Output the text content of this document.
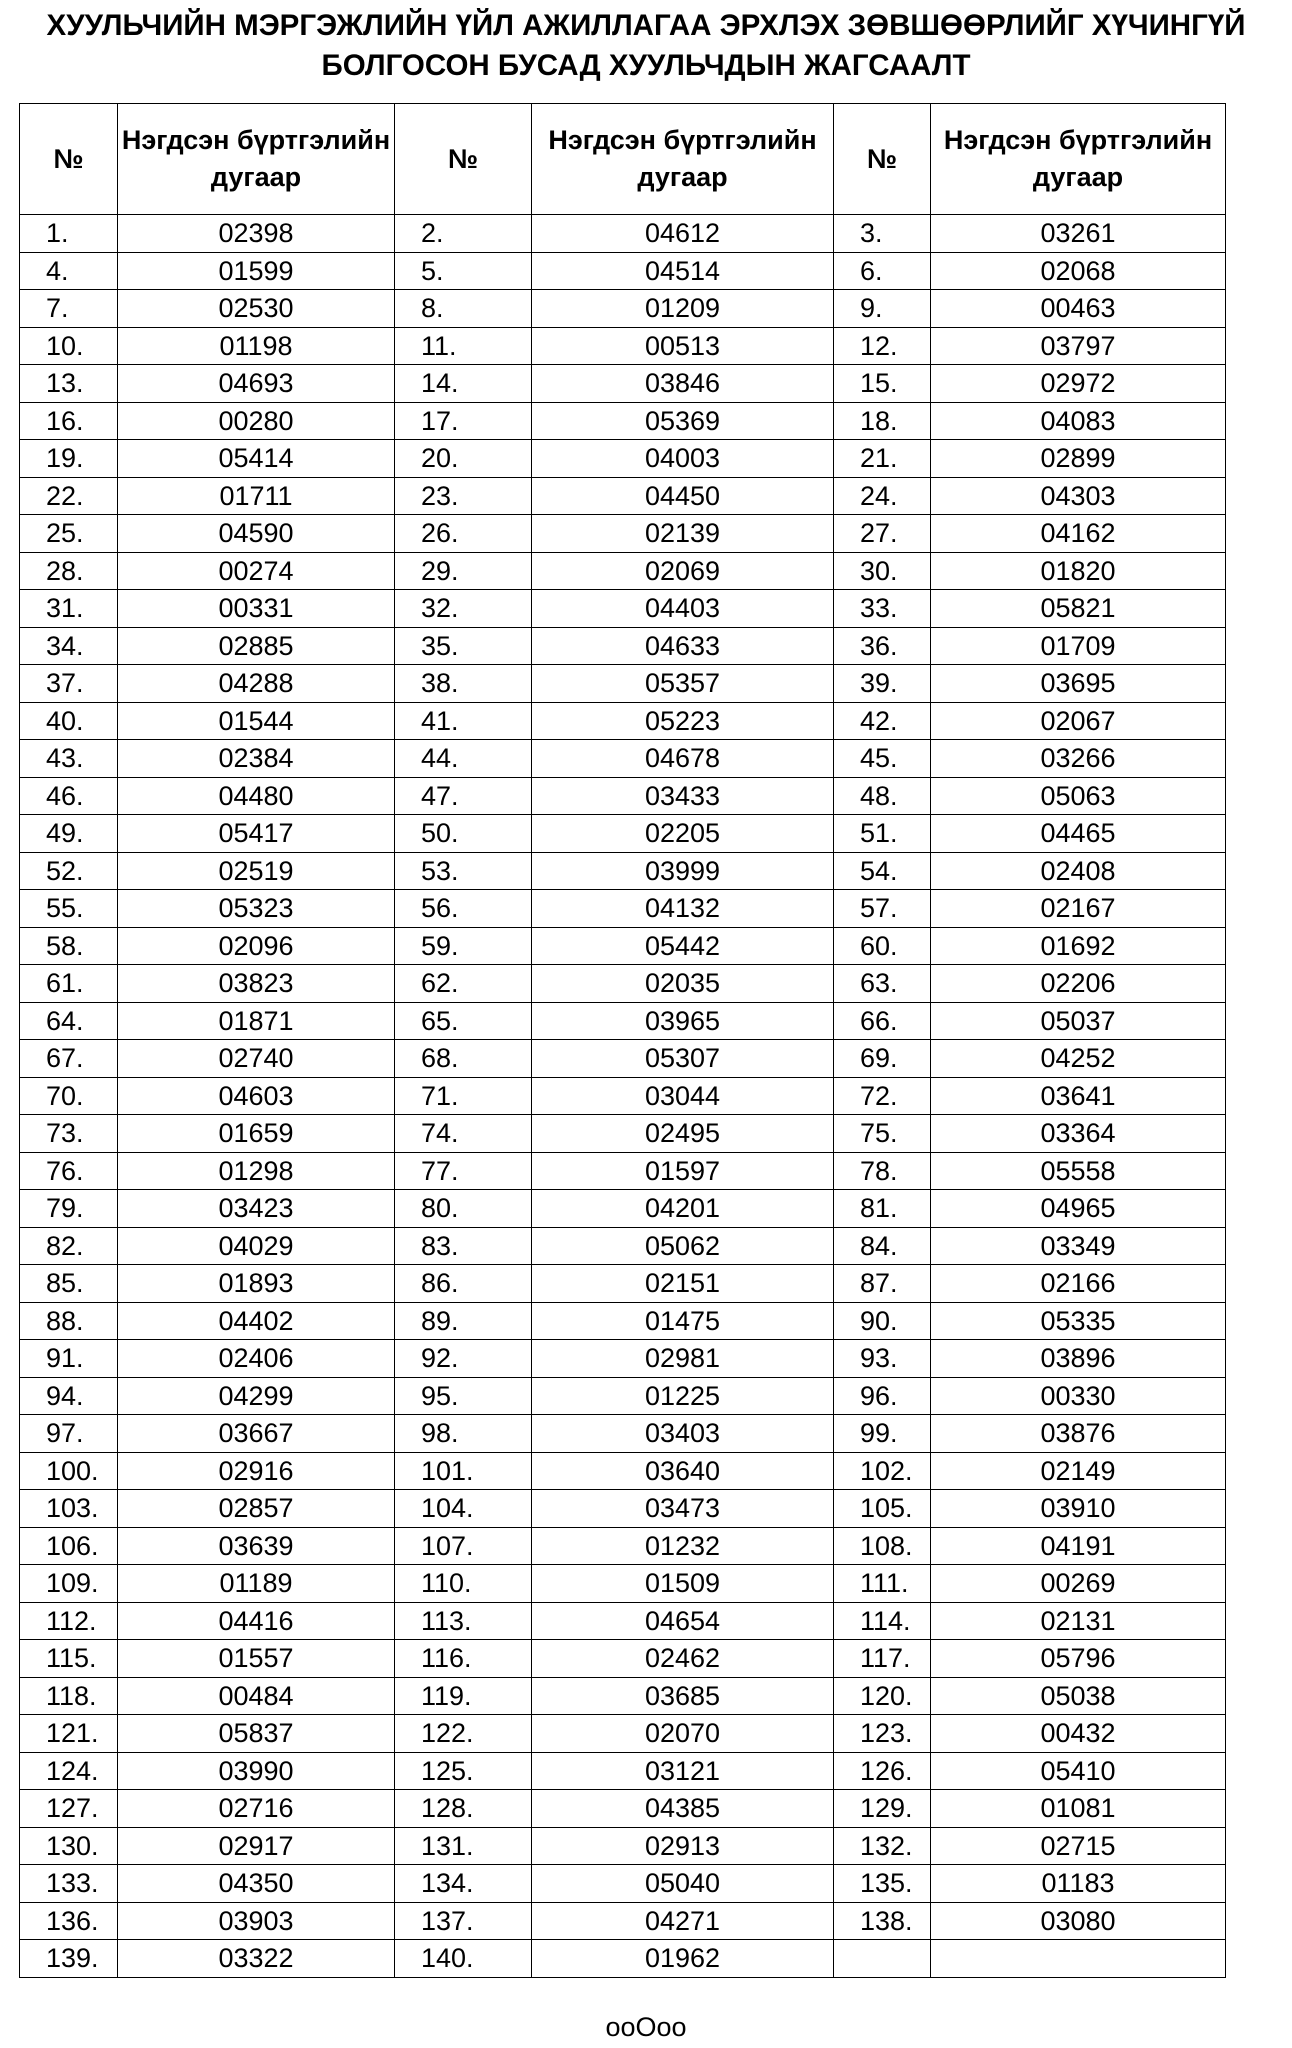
ХУУЛЬЧИЙН МЭРГЭЖЛИЙН ҮЙЛ АЖИЛЛАГАА ЭРХЛЭХ ЗӨВШӨӨРЛИЙГ ХҮЧИНГҮЙ
БОЛГОСОН БУСАД ХУУЛЬЧДЫН ЖАГСААЛТ
№	Нэгдсэн бүртгэлийн дугаар	№	Нэгдсэн бүртгэлийн дугаар	№	Нэгдсэн бүртгэлийн дугаар
1.	02398	2.	04612	3.	03261
4.	01599	5.	04514	6.	02068
7.	02530	8.	01209	9.	00463
10.	01198	11.	00513	12.	03797
13.	04693	14.	03846	15.	02972
16.	00280	17.	05369	18.	04083
19.	05414	20.	04003	21.	02899
22.	01711	23.	04450	24.	04303
25.	04590	26.	02139	27.	04162
28.	00274	29.	02069	30.	01820
31.	00331	32.	04403	33.	05821
34.	02885	35.	04633	36.	01709
37.	04288	38.	05357	39.	03695
40.	01544	41.	05223	42.	02067
43.	02384	44.	04678	45.	03266
46.	04480	47.	03433	48.	05063
49.	05417	50.	02205	51.	04465
52.	02519	53.	03999	54.	02408
55.	05323	56.	04132	57.	02167
58.	02096	59.	05442	60.	01692
61.	03823	62.	02035	63.	02206
64.	01871	65.	03965	66.	05037
67.	02740	68.	05307	69.	04252
70.	04603	71.	03044	72.	03641
73.	01659	74.	02495	75.	03364
76.	01298	77.	01597	78.	05558
79.	03423	80.	04201	81.	04965
82.	04029	83.	05062	84.	03349
85.	01893	86.	02151	87.	02166
88.	04402	89.	01475	90.	05335
91.	02406	92.	02981	93.	03896
94.	04299	95.	01225	96.	00330
97.	03667	98.	03403	99.	03876
100.	02916	101.	03640	102.	02149
103.	02857	104.	03473	105.	03910
106.	03639	107.	01232	108.	04191
109.	01189	110.	01509	111.	00269
112.	04416	113.	04654	114.	02131
115.	01557	116.	02462	117.	05796
118.	00484	119.	03685	120.	05038
121.	05837	122.	02070	123.	00432
124.	03990	125.	03121	126.	05410
127.	02716	128.	04385	129.	01081
130.	02917	131.	02913	132.	02715
133.	04350	134.	05040	135.	01183
136.	03903	137.	04271	138.	03080
139.	03322	140.	01962		
ooOoo
